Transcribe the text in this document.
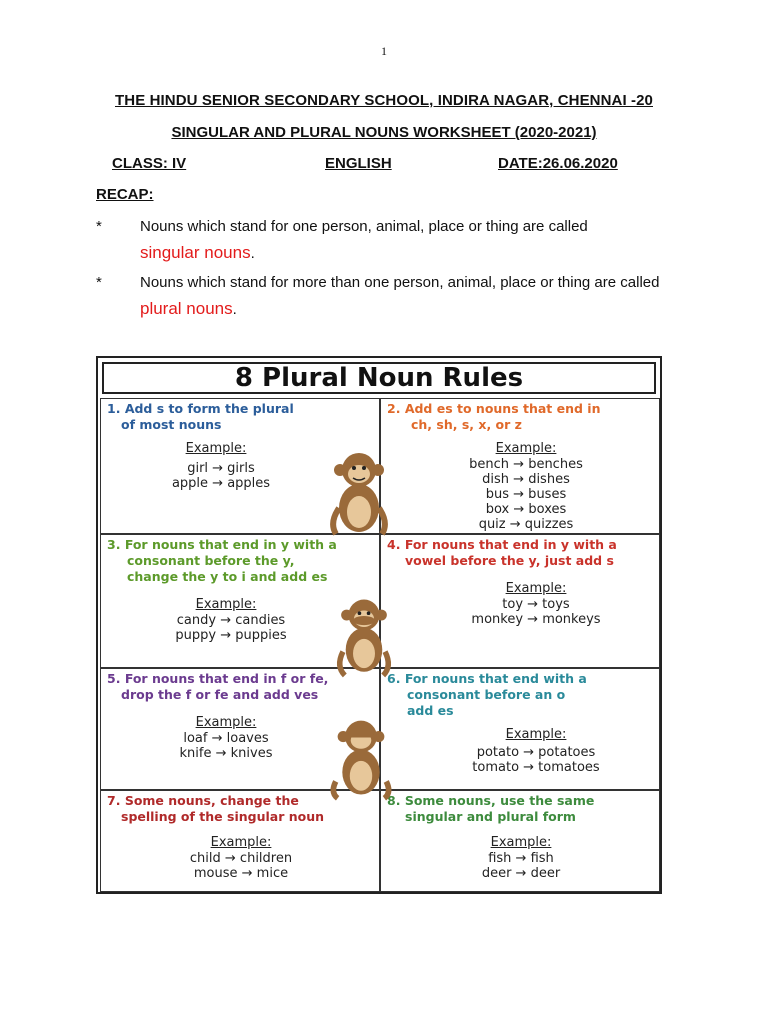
1
THE HINDU SENIOR SECONDARY SCHOOL, INDIRA NAGAR, CHENNAI -20
SINGULAR AND PLURAL NOUNS WORKSHEET (2020-2021)
CLASS: IV	ENGLISH	DATE:26.06.2020
RECAP:
*	Nouns which stand for one person, animal, place or thing are called
singular nouns.
*	Nouns which stand for more than one person, animal, place or thing are called plural nouns.
8 Plural Noun Rules
1. Add s to form the plural
of most nouns
Example:
girl → girls
apple → apples
2. Add es to nouns that end in
ch, sh, s, x, or z
Example:
bench → benches
dish → dishes
bus → buses
box → boxes
quiz → quizzes
3. For nouns that end in y with a
consonant before the y,
change the y to i and add es
Example:
candy → candies
puppy → puppies
4. For nouns that end in y with a
vowel before the y, just add s
Example:
toy → toys
monkey → monkeys
5. For nouns that end in f or fe,
drop the f or fe and add ves
Example:
loaf → loaves
knife → knives
6. For nouns that end with a
consonant before an o
add es
Example:
potato → potatoes
tomato → tomatoes
7. Some nouns, change the
spelling of the singular noun
Example:
child → children
mouse → mice
8. Some nouns, use the same
singular and plural form
Example:
fish → fish
deer → deer
